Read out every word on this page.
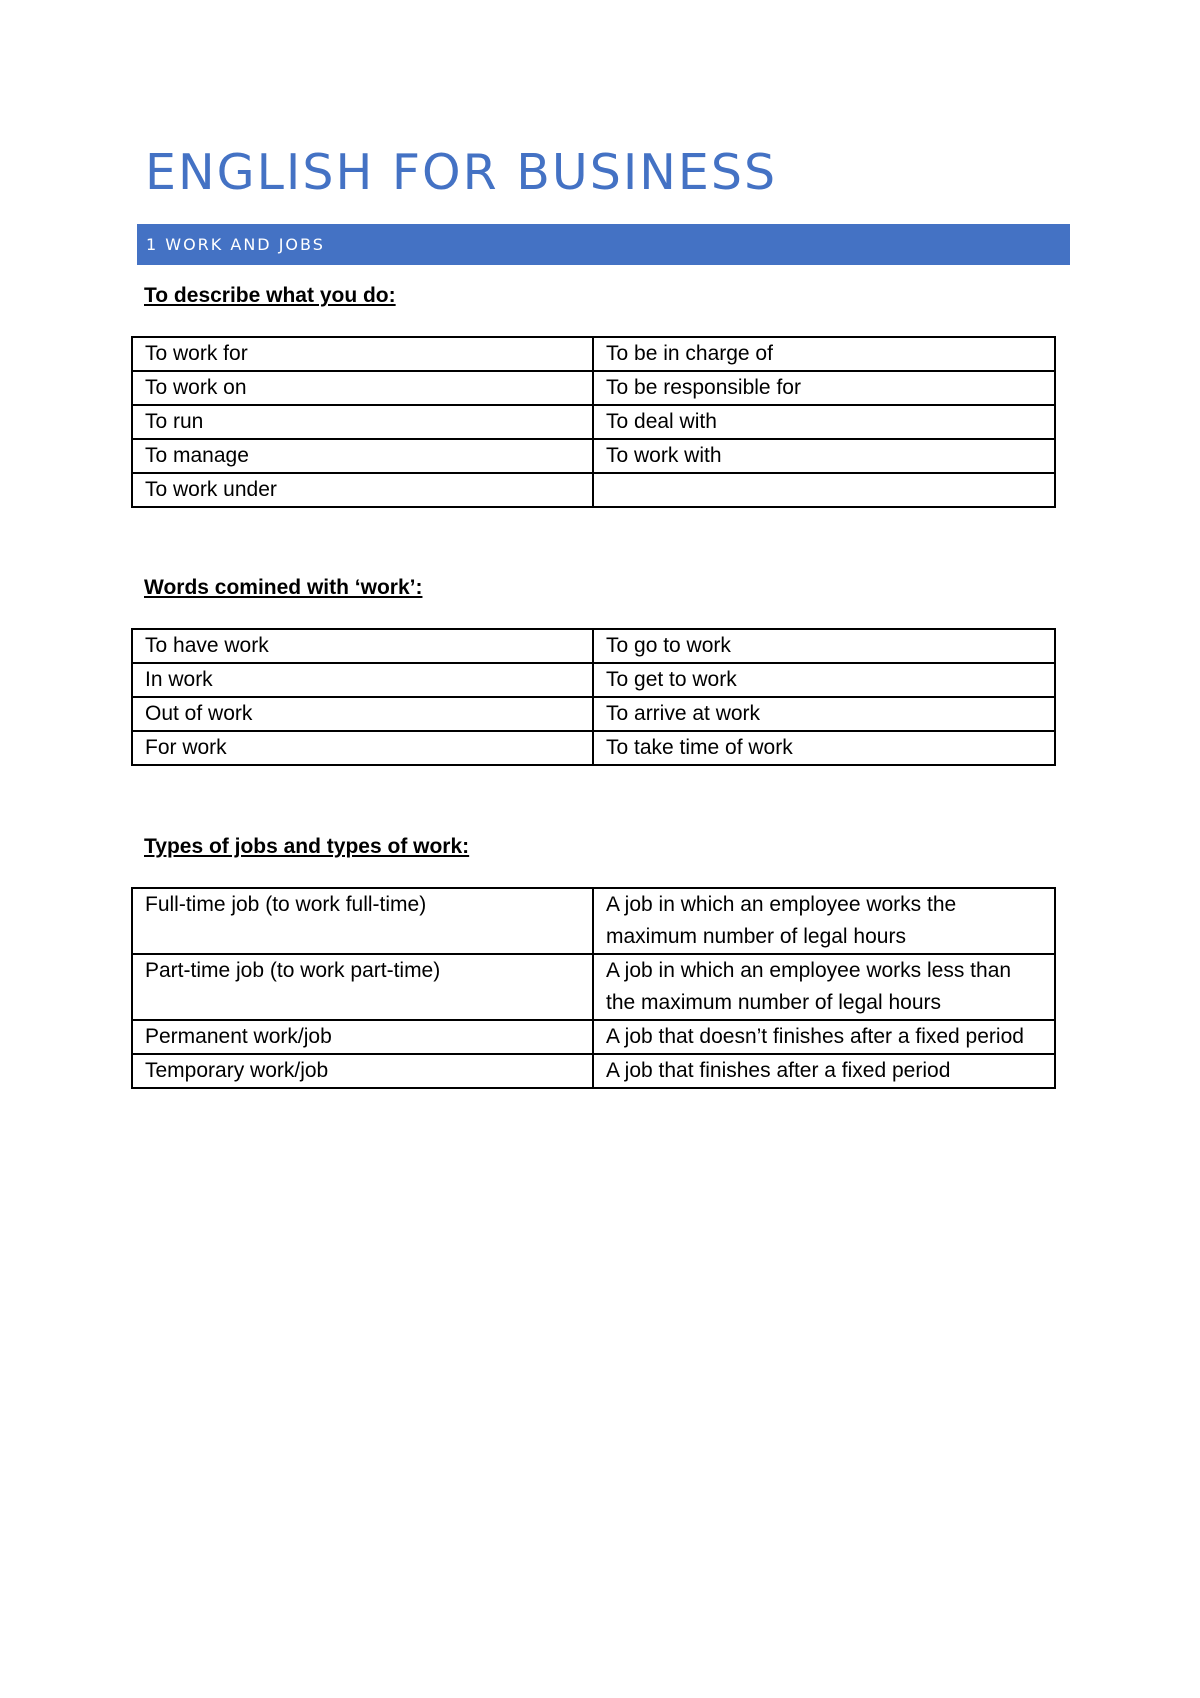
ENGLISH FOR BUSINESS
1 WORK AND JOBS
To describe what you do:
To work for	To be in charge of
To work on	To be responsible for
To run	To deal with
To manage	To work with
To work under	
Words comined with ‘work’:
To have work	To go to work
In work	To get to work
Out of work	To arrive at work
For work	To take time of work
Types of jobs and types of work:
Full-time job (to work full-time)	A job in which an employee works the maximum number of legal hours
Part-time job (to work part-time)	A job in which an employee works less than the maximum number of legal hours
Permanent work/job	A job that doesn’t finishes after a fixed period
Temporary work/job	A job that finishes after a fixed period
